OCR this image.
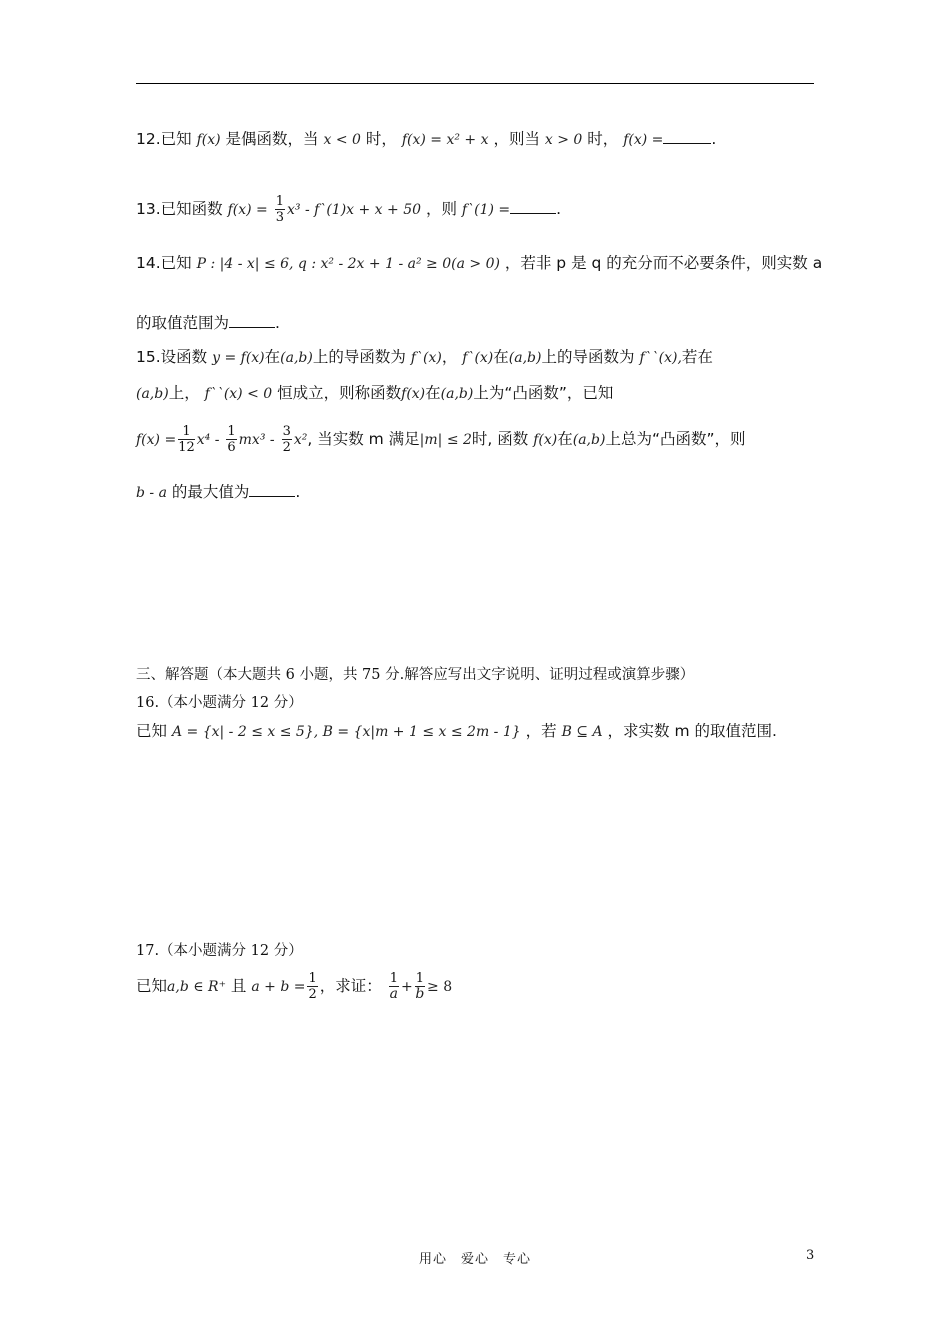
12.已知 f(x) 是偶函数，当 x < 0 时， f(x) = x² + x ，则当 x > 0 时， f(x) =	.
13.已知函数 $f(x) = \frac{1}{3} x^3$ - f`(1)x + x + 50 ，则 f`(1) =	.
14.已知 P : |4 - x| ≤ 6, q : x² - 2x + 1 - a² ≥ 0(a > 0) ，若非 p 是 q 的充分而不必要条件，则实数 a
的取值范围为	.
15.设函数 y = f(x)在(a,b)上的导函数为 f`(x)， f`(x)在(a,b)上的导函数为 f``(x),若在
(a,b)上， f``(x) < 0 恒成立，则称函数f(x)在(a,b)上为“凸函数”，已知
$f(x) = \frac{1}{12} x^4 - \frac{1}{6} mx^3 - \frac{3}{2} x^2$, 当实数 m 满足|m| ≤ 2时, 函数 f(x)在(a,b)上总为“凸函数”，则
b - a 的最大值为	.
三、解答题（本大题共 6 小题，共 75 分.解答应写出文字说明、证明过程或演算步骤）
16.（本小题满分 12 分）
已知 A = {x| - 2 ≤ x ≤ 5}, B = {x|m + 1 ≤ x ≤ 2m - 1} ，若 B ⊆ A ，求实数 m 的取值范围.
17.（本小题满分 12 分）
已知a,b ∈ R⁺ 且 $a + b = \frac{1}{2}$ ，求证： $\frac{1}{a} + \frac{1}{b} \ge 8$
用心　爱心　专心	3
